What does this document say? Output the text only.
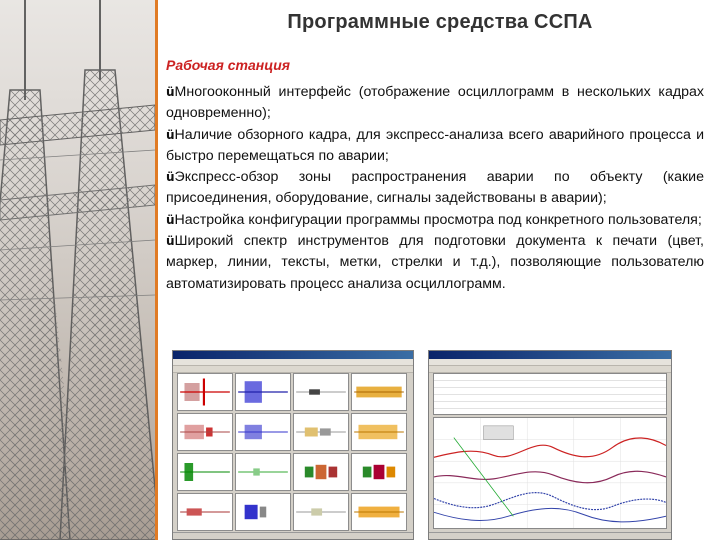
Программные средства ССПА
Рабочая станция
üМногооконный интерфейс (отображение осциллограмм в нескольких кадрах одновременно);
üНаличие обзорного кадра, для экспресс-анализа всего аварийного процесса и быстро перемещаться по аварии;
üЭкспресс-обзор зоны распространения аварии по объекту (какие присоединения, оборудование, сигналы задействованы в аварии);
üНастройка конфигурации программы просмотра под конкретного пользователя;
üШирокий спектр инструментов для подготовки документа к печати (цвет, маркер, линии, тексты, метки, стрелки и т.д.), позволяющие пользователю автоматизировать процесс анализа осциллограмм.
